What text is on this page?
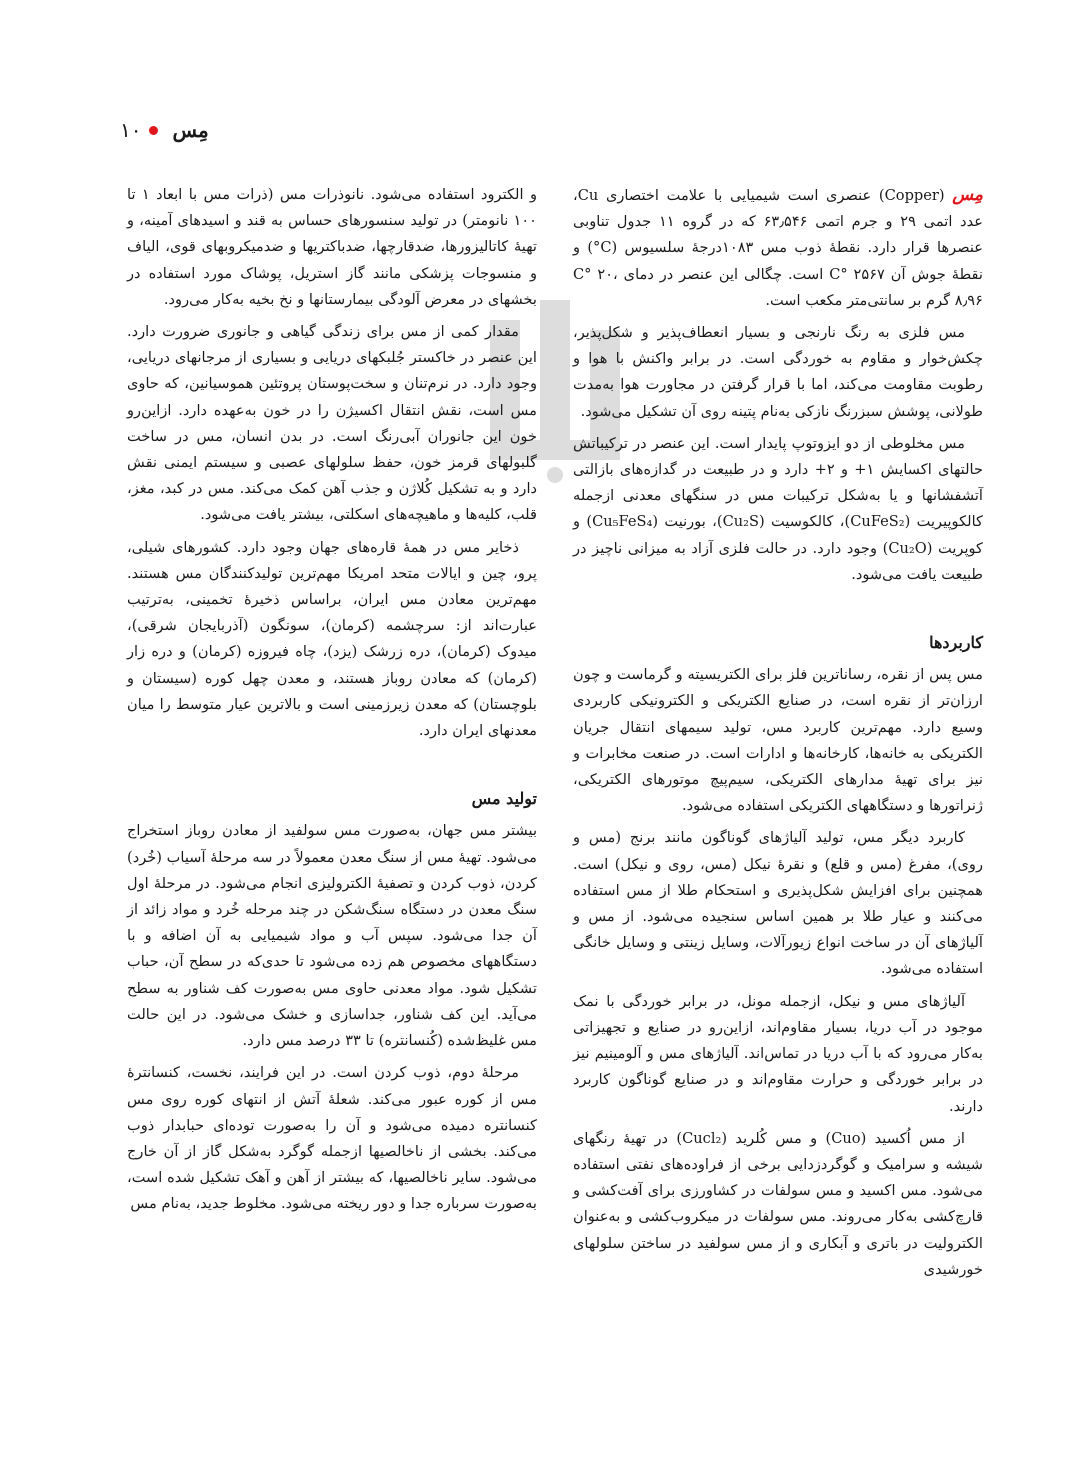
۱۰ مِس

مِس (Copper) عنصری است شیمیایی با علامت اختصاری Cu، عدد اتمی ۲۹ و جرم اتمی ۶۳٫۵۴۶ که در گروه ۱۱ جدول تناوبی عنصرها قرار دارد. نقطهٔ ذوب مس ۱۰۸۳درجهٔ سلسیوس (C°) و نقطهٔ جوش آن C° ۲۵۶۷ است. چگالی این عنصر در دمای C° ۲۰، ۸٫۹۶ گرم بر سانتی‌متر مکعب است.

مس فلزی به رنگ نارنجی و بسیار انعطاف‌پذیر و شکل‌پذیر، چکش‌خوار و مقاوم به خوردگی است. در برابر واکنش با هوا و رطوبت مقاومت می‌کند، اما با قرار گرفتن در مجاورت هوا به‌مدت طولانی، پوشش سبزرنگ نازکی به‌نام پتینه روی آن تشکیل می‌شود.

مس مخلوطی از دو ایزوتوپ پایدار است. این عنصر در ترکیباتش حالتهای اکسایش ۱+ و ۲+ دارد و در طبیعت در گدازه‌های بازالتی آتشفشانها و یا به‌شکل ترکیبات مس در سنگهای معدنی ازجمله کالکوپیریت (CuFeS₂)، کالکوسیت (Cu₂S)، بورنیت (Cu₅FeS₄) و کوپریت (Cu₂O) وجود دارد. در حالت فلزی آزاد به میزانی ناچیز در طبیعت یافت می‌شود.

کاربردها

مس پس از نقره، رساناترین فلز برای الکتریسیته و گرماست و چون ارزان‌تر از نقره است، در صنایع الکتریکی و الکترونیکی کاربردی وسیع دارد. مهم‌ترین کاربرد مس، تولید سیمهای انتقال جریان الکتریکی به خانه‌ها، کارخانه‌ها و ادارات است. در صنعت مخابرات و نیز برای تهیهٔ مدارهای الکتریکی، سیم‌پیچ موتورهای الکتریکی، ژنراتورها و دستگاههای الکتریکی استفاده می‌شود.

کاربرد دیگر مس، تولید آلیاژهای گوناگون مانند برنج (مس و روی)، مفرغ (مس و قلع) و نقرهٔ نیکل (مس، روی و نیکل) است. همچنین برای افزایش شکل‌پذیری و استحکام طلا از مس استفاده می‌کنند و عیار طلا بر همین اساس سنجیده می‌شود. از مس و آلیاژهای آن در ساخت انواع زیورآلات، وسایل زینتی و وسایل خانگی استفاده می‌شود.

آلیاژهای مس و نیکل، ازجمله مونل، در برابر خوردگی با نمک موجود در آب دریا، بسیار مقاوم‌اند، ازاین‌رو در صنایع و تجهیزاتی به‌کار می‌رود که با آب دریا در تماس‌اند. آلیاژهای مس و آلومینیم نیز در برابر خوردگی و حرارت مقاوم‌اند و در صنایع گوناگون کاربرد دارند.

از مس اُکسید (Cuo) و مس کُلرید (Cucl₂) در تهیهٔ رنگهای شیشه و سرامیک و گوگردزدایی برخی از فراوده‌های نفتی استفاده می‌شود. مس اکسید و مس سولفات در کشاورزی برای آفت‌کشی و قارچ‌کشی به‌کار می‌روند. مس سولفات در میکروب‌کشی و به‌عنوان الکترولیت در باتری و آبکاری و از مس سولفید در ساختن سلولهای خورشیدی

و الکترود استفاده می‌شود. نانوذرات مس (ذرات مس با ابعاد ۱ تا ۱۰۰ نانومتر) در تولید سنسورهای حساس به قند و اسیدهای آمینه، و تهیهٔ کاتالیزورها، ضدقارچها، ضدباکتریها و ضدمیکروبهای قوی، الیاف و منسوجات پزشکی مانند گاز استریل، پوشاک مورد استفاده در بخشهای در معرض آلودگی بیمارستانها و نخ بخیه به‌کار می‌رود.

مقدار کمی از مس برای زندگی گیاهی و جانوری ضرورت دارد. این عنصر در خاکستر جُلبکهای دریایی و بسیاری از مرجانهای دریایی، وجود دارد. در نرم‌تنان و سخت‌پوستان پروتئین هموسیانین، که حاوی مس است، نقش انتقال اکسیژن را در خون به‌عهده دارد. ازاین‌رو خون این جانوران آبی‌رنگ است. در بدن انسان، مس در ساخت گلبولهای قرمز خون، حفظ سلولهای عصبی و سیستم ایمنی نقش دارد و به تشکیل کُلاژن و جذب آهن کمک می‌کند. مس در کبد، مغز، قلب، کلیه‌ها و ماهیچه‌های اسکلتی، بیشتر یافت می‌شود.

ذخایر مس در همهٔ قاره‌های جهان وجود دارد. کشورهای شیلی، پرو، چین و ایالات متحد امریکا مهم‌ترین تولیدکنندگان مس هستند. مهم‌ترین معادن مس ایران، براساس ذخیرهٔ تخمینی، به‌ترتیب عبارت‌اند از: سرچشمه (کرمان)، سونگون (آذربایجان شرقی)، میدوک (کرمان)، دره زرشک (یزد)، چاه فیروزه (کرمان) و دره زار (کرمان) که معادن روباز هستند، و معدن چهل کوره (سیستان و بلوچستان) که معدن زیرزمینی است و بالاترین عیار متوسط را میان معدنهای ایران دارد.

تولید مس

بیشتر مس جهان، به‌صورت مس سولفید از معادن روباز استخراج می‌شود. تهیهٔ مس از سنگ معدن معمولاً در سه مرحلهٔ آسیاب (خُرد) کردن، ذوب کردن و تصفیهٔ الکترولیزی انجام می‌شود. در مرحلهٔ اول سنگ معدن در دستگاه سنگ‌شکن در چند مرحله خُرد و مواد زائد از آن جدا می‌شود. سپس آب و مواد شیمیایی به آن اضافه و با دستگاههای مخصوص هم زده می‌شود تا حدی‌که در سطح آن، حباب تشکیل شود. مواد معدنی حاوی مس به‌صورت کف شناور به سطح می‌آید. این کف شناور، جداسازی و خشک می‌شود. در این حالت مس غلیظ‌شده (کُنسانتره) تا ۳۳ درصد مس دارد.

مرحلهٔ دوم، ذوب کردن است. در این فرایند، نخست، کنسانترهٔ مس از کوره عبور می‌کند. شعلهٔ آتش از انتهای کوره روی مس کنسانتره دمیده می‌شود و آن را به‌صورت توده‌ای حبابدار ذوب می‌کند. بخشی از ناخالصیها ازجمله گوگرد به‌شکل گاز از آن خارج می‌شود. سایر ناخالصیها، که بیشتر از آهن و آهک تشکیل شده است، به‌صورت سرباره جدا و دور ریخته می‌شود. مخلوط جدید، به‌نام مس
